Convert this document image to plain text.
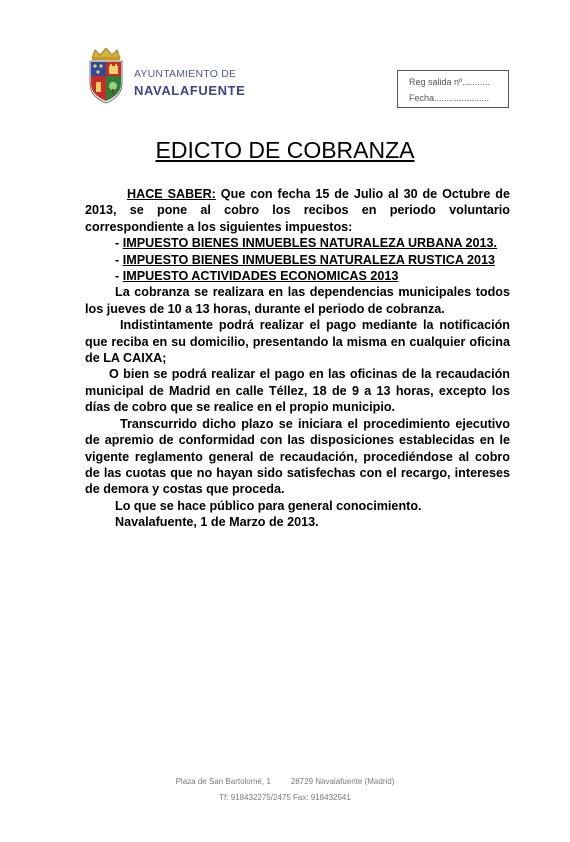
AYUNTAMIENTO DE
NAVALAFUENTE
Reg salida nº...........
Fecha......................
EDICTO DE COBRANZA

HACE SABER: Que con fecha 15 de Julio al 30 de Octubre de 2013, se pone al cobro los recibos en periodo voluntario correspondiente a los siguientes impuestos:

- IMPUESTO BIENES INMUEBLES NATURALEZA URBANA 2013.

- IMPUESTO BIENES INMUEBLES NATURALEZA RUSTICA 2013

- IMPUESTO ACTIVIDADES ECONOMICAS 2013

La cobranza se realizara en las dependencias municipales todos los jueves de 10 a 13 horas, durante el periodo de cobranza.

Indistintamente podrá realizar el pago mediante la notificación que reciba en su domicilio, presentando la misma en cualquier oficina de LA CAIXA;

O bien se podrá realizar el pago en las oficinas de la recaudación municipal de Madrid en calle Téllez, 18 de 9 a 13 horas, excepto los días de cobro que se realice en el propio municipio.

Transcurrido dicho plazo se iniciara el procedimiento ejecutivo de apremio de conformidad con las disposiciones establecidas en le vigente reglamento general de recaudación, procediéndose al cobro de las cuotas que no hayan sido satisfechas con el recargo, intereses de demora y costas que proceda.

Lo que se hace público para general conocimiento.

Navalafuente, 1 de Marzo de 2013.

Plaza de San Bartolomé, 1	28729 Navalafuente (Madrid)
Tf: 918432275/2475 Fax: 918432541
